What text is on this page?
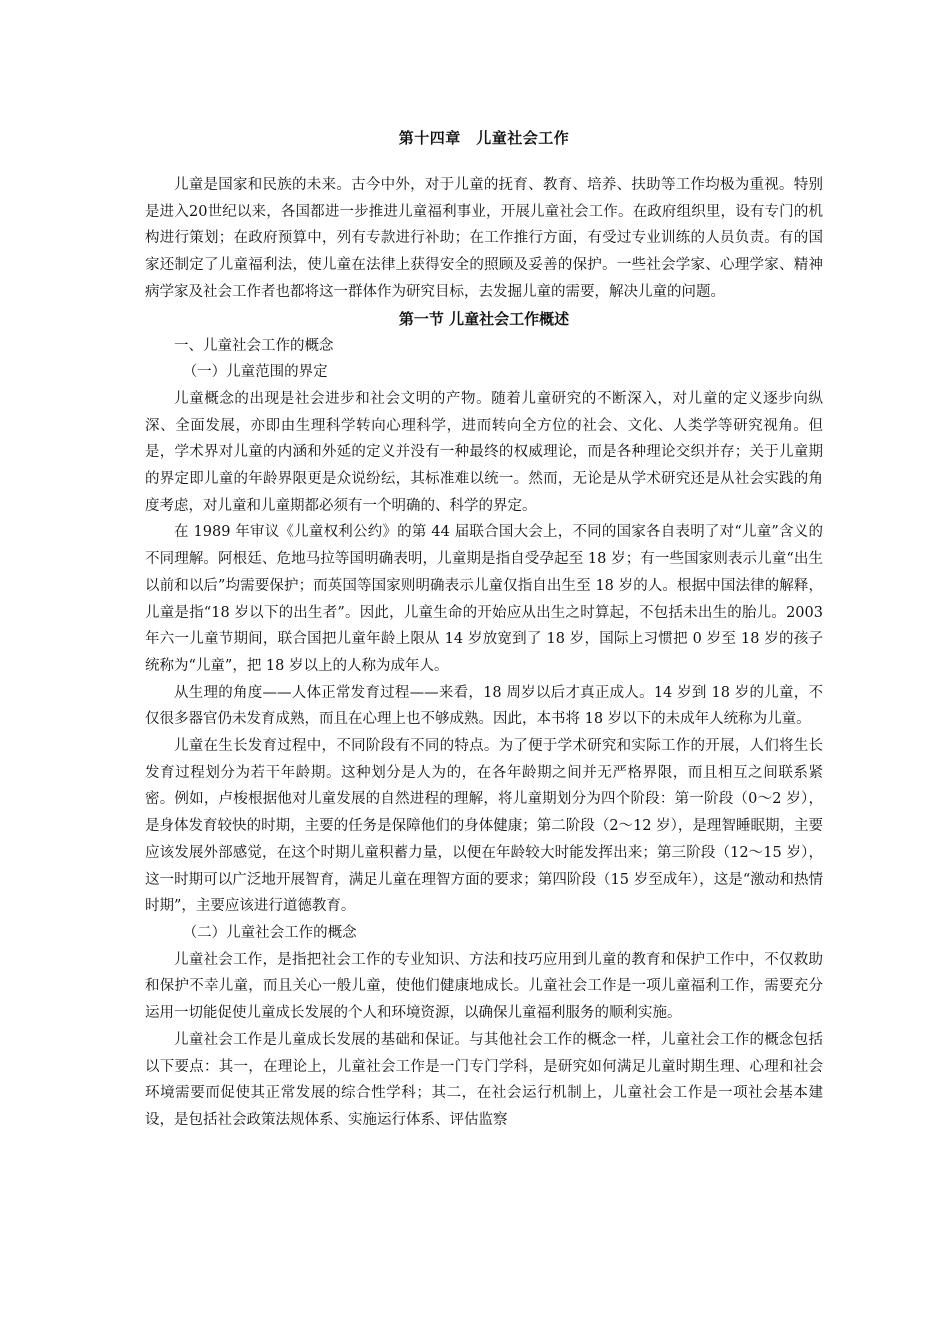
第十四章　儿童社会工作

儿童是国家和民族的未来。古今中外，对于儿童的抚育、教育、培养、扶助等工作均极为重视。特别是进入20世纪以来，各国都进一步推进儿童福利事业，开展儿童社会工作。在政府组织里，设有专门的机构进行策划；在政府预算中，列有专款进行补助；在工作推行方面，有受过专业训练的人员负责。有的国家还制定了儿童福利法，使儿童在法律上获得安全的照顾及妥善的保护。一些社会学家、心理学家、精神病学家及社会工作者也都将这一群体作为研究目标，去发掘儿童的需要，解决儿童的问题。

第一节 儿童社会工作概述

一、儿童社会工作的概念

（一）儿童范围的界定

儿童概念的出现是社会进步和社会文明的产物。随着儿童研究的不断深入，对儿童的定义逐步向纵深、全面发展，亦即由生理科学转向心理科学，进而转向全方位的社会、文化、人类学等研究视角。但是，学术界对儿童的内涵和外延的定义并没有一种最终的权威理论，而是各种理论交织并存；关于儿童期的界定即儿童的年龄界限更是众说纷纭，其标准难以统一。然而，无论是从学术研究还是从社会实践的角度考虑，对儿童和儿童期都必须有一个明确的、科学的界定。

在 1989 年审议《儿童权利公约》的第 44 届联合国大会上，不同的国家各自表明了对“儿童”含义的不同理解。阿根廷、危地马拉等国明确表明，儿童期是指自受孕起至 18 岁；有一些国家则表示儿童“出生以前和以后”均需要保护；而英国等国家则明确表示儿童仅指自出生至 18 岁的人。根据中国法律的解释，儿童是指“18 岁以下的出生者”。因此，儿童生命的开始应从出生之时算起，不包括未出生的胎儿。2003 年六一儿童节期间，联合国把儿童年龄上限从 14 岁放宽到了 18 岁，国际上习惯把 0 岁至 18 岁的孩子统称为“儿童”，把 18 岁以上的人称为成年人。

从生理的角度——人体正常发育过程——来看，18 周岁以后才真正成人。14 岁到 18 岁的儿童，不仅很多器官仍未发育成熟，而且在心理上也不够成熟。因此，本书将 18 岁以下的未成年人统称为儿童。

儿童在生长发育过程中，不同阶段有不同的特点。为了便于学术研究和实际工作的开展，人们将生长发育过程划分为若干年龄期。这种划分是人为的，在各年龄期之间并无严格界限，而且相互之间联系紧密。例如，卢梭根据他对儿童发展的自然进程的理解，将儿童期划分为四个阶段：第一阶段（0～2 岁），是身体发育较快的时期，主要的任务是保障他们的身体健康；第二阶段（2～12 岁），是理智睡眠期，主要应该发展外部感觉，在这个时期儿童积蓄力量，以便在年龄较大时能发挥出来；第三阶段（12～15 岁），这一时期可以广泛地开展智育，满足儿童在理智方面的要求；第四阶段（15 岁至成年），这是“激动和热情时期”，主要应该进行道德教育。

（二）儿童社会工作的概念

儿童社会工作，是指把社会工作的专业知识、方法和技巧应用到儿童的教育和保护工作中，不仅救助和保护不幸儿童，而且关心一般儿童，使他们健康地成长。儿童社会工作是一项儿童福利工作，需要充分运用一切能促使儿童成长发展的个人和环境资源，以确保儿童福利服务的顺利实施。

儿童社会工作是儿童成长发展的基础和保证。与其他社会工作的概念一样，儿童社会工作的概念包括以下要点：其一，在理论上，儿童社会工作是一门专门学科，是研究如何满足儿童时期生理、心理和社会环境需要而促使其正常发展的综合性学科；其二，在社会运行机制上，儿童社会工作是一项社会基本建设，是包括社会政策法规体系、实施运行体系、评估监察
